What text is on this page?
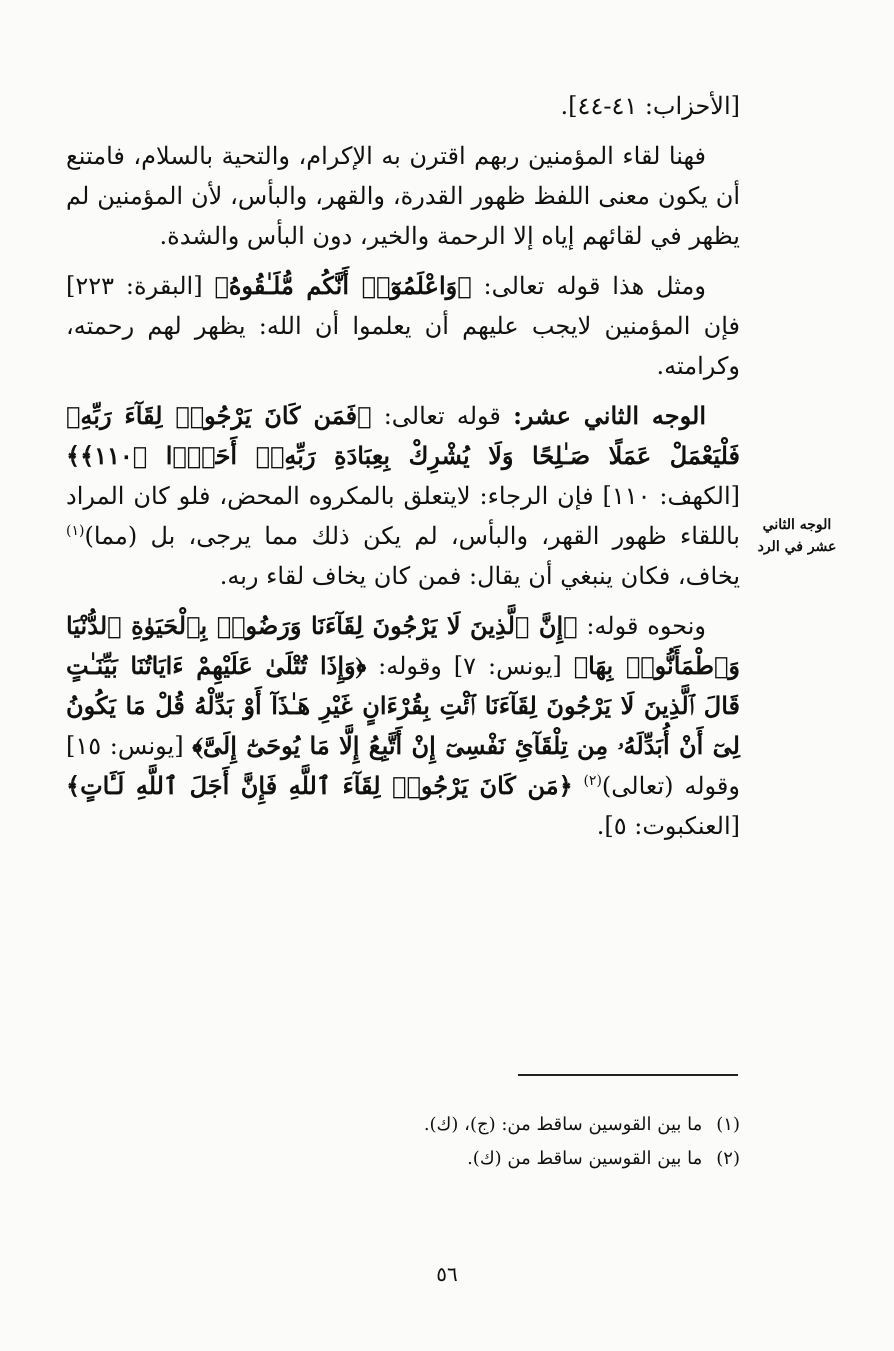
[الأحزاب: ٤١-٤٤].

فهنا لقاء المؤمنين ربهم اقترن به الإكرام، والتحية بالسلام، فامتنع أن يكون معنى اللفظ ظهور القدرة، والقهر، والبأس، لأن المؤمنين لم يظهر في لقائهم إياه إلا الرحمة والخير، دون البأس والشدة.

ومثل هذا قوله تعالى: ﴿وَاعْلَمُوٓا۟ أَنَّكُم مُّلَـٰقُوهُ﴾ [البقرة: ٢٢٣] فإن المؤمنين لايجب عليهم أن يعلموا أن الله: يظهر لهم رحمته، وكرامته.

الوجه الثاني عشر: قوله تعالى: ﴿فَمَن كَانَ يَرْجُوا۟ لِقَآءَ رَبِّهِۦ فَلْيَعْمَلْ عَمَلًا صَـٰلِحًا وَلَا يُشْرِكْ بِعِبَادَةِ رَبِّهِۦٓ أَحَدًۢا ﴿١١٠﴾﴾ [الكهف: ١١٠] فإن الرجاء: لايتعلق بالمكروه المحض، فلو كان المراد باللقاء ظهور القهر، والبأس، لم يكن ذلك مما يرجى، بل (مما)$^{(١)}$ يخاف، فكان ينبغي أن يقال: فمن كان يخاف لقاء ربه.

ونحوه قوله: ﴿إِنَّ ٱلَّذِينَ لَا يَرْجُونَ لِقَآءَنَا وَرَضُوا۟ بِٱلْحَيَوٰةِ ٱلدُّنْيَا وَٱطْمَأَنُّوا۟ بِهَا﴾ [يونس: ٧] وقوله: ﴿وَإِذَا تُتْلَىٰ عَلَيْهِمْ ءَايَاتُنَا بَيِّنَـٰتٍ قَالَ ٱلَّذِينَ لَا يَرْجُونَ لِقَآءَنَا ٱئْتِ بِقُرْءَانٍ غَيْرِ هَـٰذَآ أَوْ بَدِّلْهُ قُلْ مَا يَكُونُ لِىٓ أَنْ أُبَدِّلَهُۥ مِن تِلْقَآئِ نَفْسِىٓ إِنْ أَتَّبِعُ إِلَّا مَا يُوحَىٰٓ إِلَىَّ﴾ [يونس: ١٥] وقوله (تعالى)$^{(٢)}$ ﴿مَن كَانَ يَرْجُوا۟ لِقَآءَ ٱللَّهِ فَإِنَّ أَجَلَ ٱللَّهِ لَـَٔاتٍ﴾ [العنكبوت: ٥].

الوجه الثاني عشر في الرد
(١)
ما بين القوسين ساقط من: (ج)، (ك).
(٢)
ما بين القوسين ساقط من (ك).
٥٦
